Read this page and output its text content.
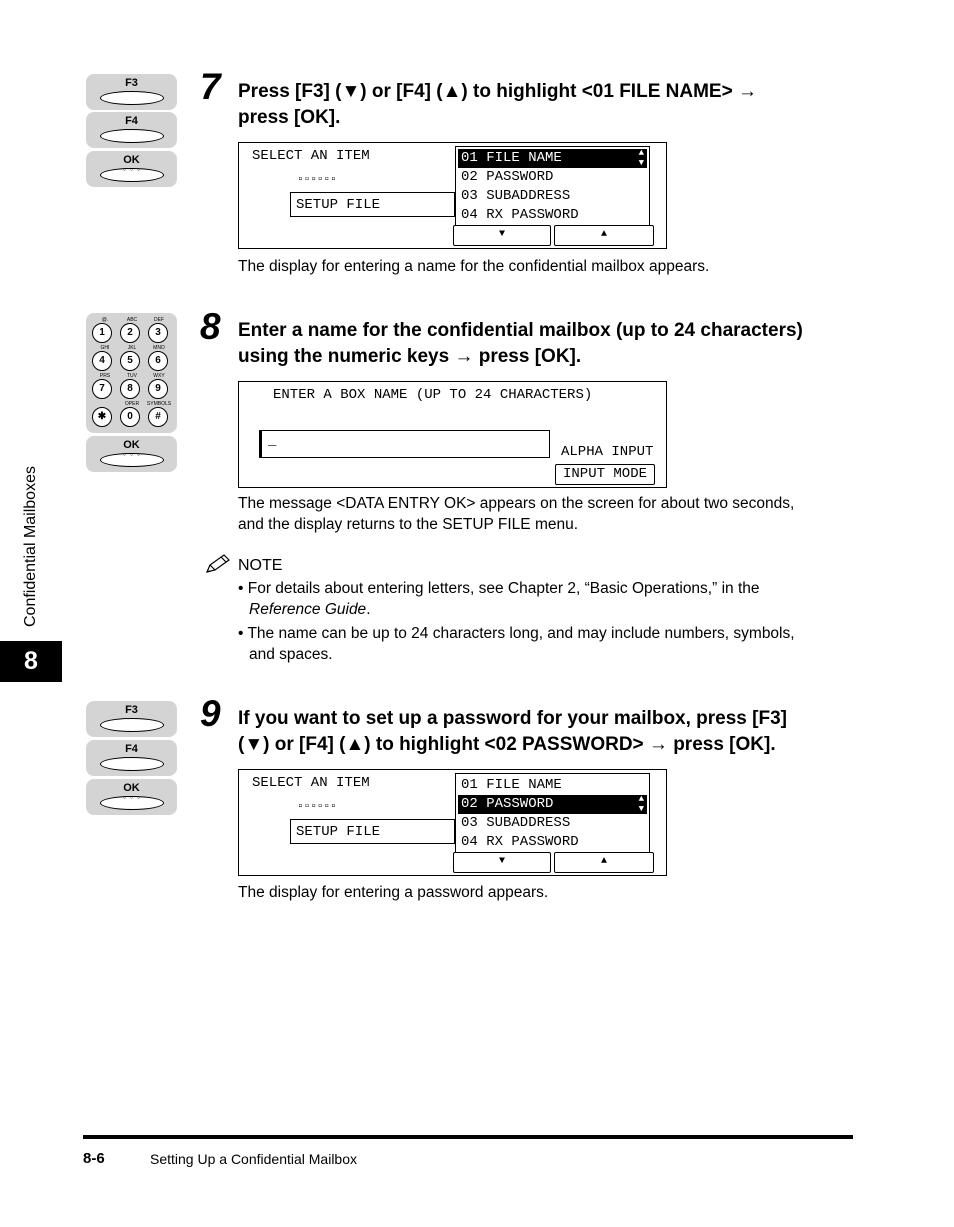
F3
F4
OK
◦ ◦ ◦
7 Press [F3] (▼) or [F4] (▲) to highlight <01 FILE NAME> →
press [OK].
SELECT AN ITEM
▫▫▫▫▫▫
SETUP FILE
01 FILE NAME	▲
▼
02 PASSWORD
03 SUBADDRESS
04 RX PASSWORD
▼	▲
The display for entering a name for the confidential mailbox appears.
@.	ABC	DEF
1	2	3
GHI	JKL	MNO
4	5	6
PRS	TUV	WXY
7	8	9
OPER	SYMBOLS
✱	0	#
OK
◦ ◦ ◦
8 Enter a name for the confidential mailbox (up to 24 characters)
using the numeric keys → press [OK].
ENTER A BOX NAME (UP TO 24 CHARACTERS)
_
ALPHA INPUT
INPUT MODE
The message <DATA ENTRY OK> appears on the screen for about two seconds,
and the display returns to the SETUP FILE menu.
NOTE
• For details about entering letters, see Chapter 2, “Basic Operations,” in the
Reference Guide.
• The name can be up to 24 characters long, and may include numbers, symbols,
and spaces.
F3
F4
OK
◦ ◦ ◦
9 If you want to set up a password for your mailbox, press [F3]
(▼) or [F4] (▲) to highlight <02 PASSWORD> → press [OK].
SELECT AN ITEM
▫▫▫▫▫▫
SETUP FILE
01 FILE NAME
02 PASSWORD	▲
▼
03 SUBADDRESS
04 RX PASSWORD
▼	▲
The display for entering a password appears.
Confidential Mailboxes
8
8-6	Setting Up a Confidential Mailbox
